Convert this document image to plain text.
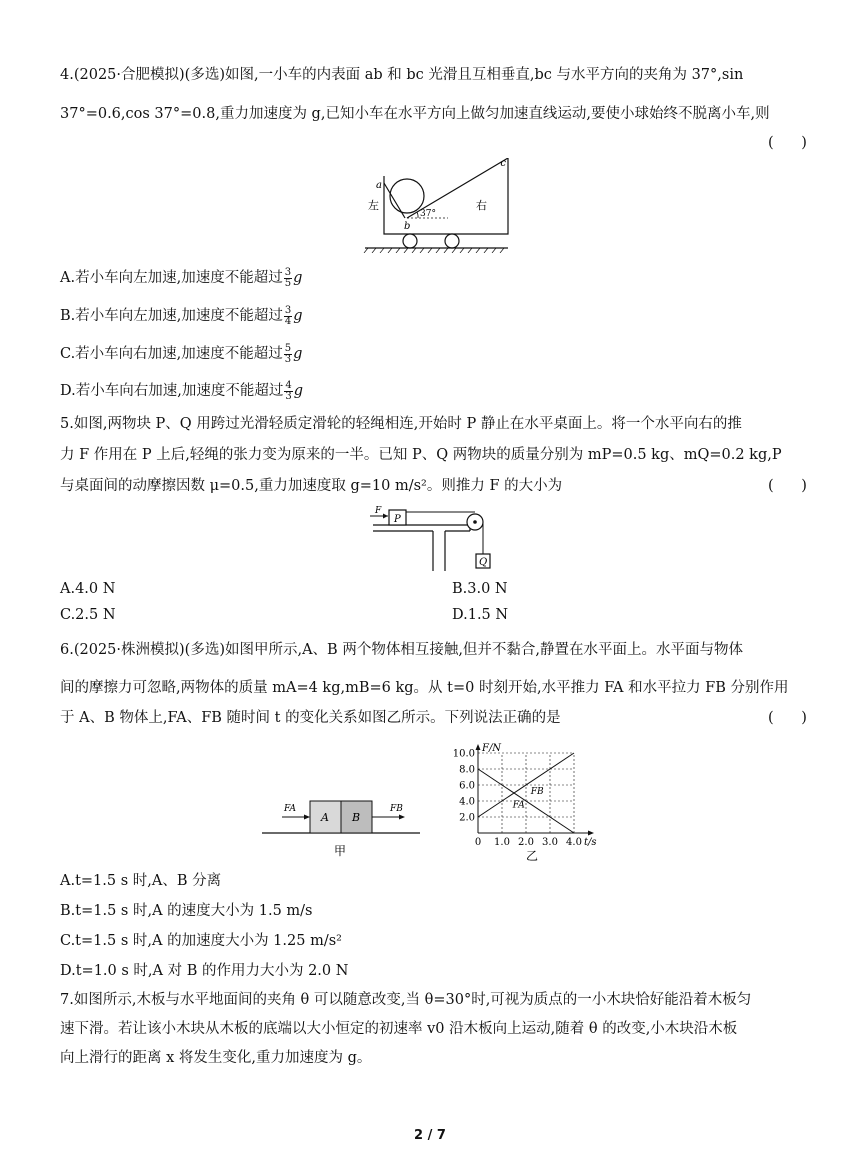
4.(2025·合肥模拟)(多选)如图,一小车的内表面 ab 和 bc 光滑且互相垂直,bc 与水平方向的夹角为 37°,sin
37°=0.6,cos 37°=0.8,重力加速度为 g,已知小车在水平方向上做匀加速直线运动,要使小球始终不脱离小车,则
(      )
a
b
c
左	右
37°
A.若小车向左加速,加速度不能超过 $\frac{3}{5}$ g
B.若小车向左加速,加速度不能超过 $\frac{3}{4}$ g
C.若小车向右加速,加速度不能超过 $\frac{5}{3}$ g
D.若小车向右加速,加速度不能超过 $\frac{4}{3}$ g
5.如图,两物块 P、Q 用跨过光滑轻质定滑轮的轻绳相连,开始时 P 静止在水平桌面上。将一个水平向右的推
力 F 作用在 P 上后,轻绳的张力变为原来的一半。已知 P、Q 两物块的质量分别为 mP=0.5 kg、mQ=0.2 kg,P
与桌面间的动摩擦因数 μ=0.5,重力加速度取 g=10 m/s²。则推力 F 的大小为	(      )
F
P
Q
A.4.0 N	B.3.0 N
C.2.5 N	D.1.5 N
6.(2025·株洲模拟)(多选)如图甲所示,A、B 两个物体相互接触,但并不黏合,静置在水平面上。水平面与物体
间的摩擦力可忽略,两物体的质量 mA=4 kg,mB=6 kg。从 t=0 时刻开始,水平推力 FA 和水平拉力 FB 分别作用
于 A、B 物体上,FA、FB 随时间 t 的变化关系如图乙所示。下列说法正确的是	(      )
FA	FB
A B
甲
2.0
4.0
6.0
8.0
10.0
0 1.0 2.0 3.0 4.0
F/N
t/s
FB
FA
乙
A.t=1.5 s 时,A、B 分离
B.t=1.5 s 时,A 的速度大小为 1.5 m/s
C.t=1.5 s 时,A 的加速度大小为 1.25 m/s²
D.t=1.0 s 时,A 对 B 的作用力大小为 2.0 N
7.如图所示,木板与水平地面间的夹角 θ 可以随意改变,当 θ=30°时,可视为质点的一小木块恰好能沿着木板匀
速下滑。若让该小木块从木板的底端以大小恒定的初速率 v0 沿木板向上运动,随着 θ 的改变,小木块沿木板
向上滑行的距离 x 将发生变化,重力加速度为 g。
2 / 7
